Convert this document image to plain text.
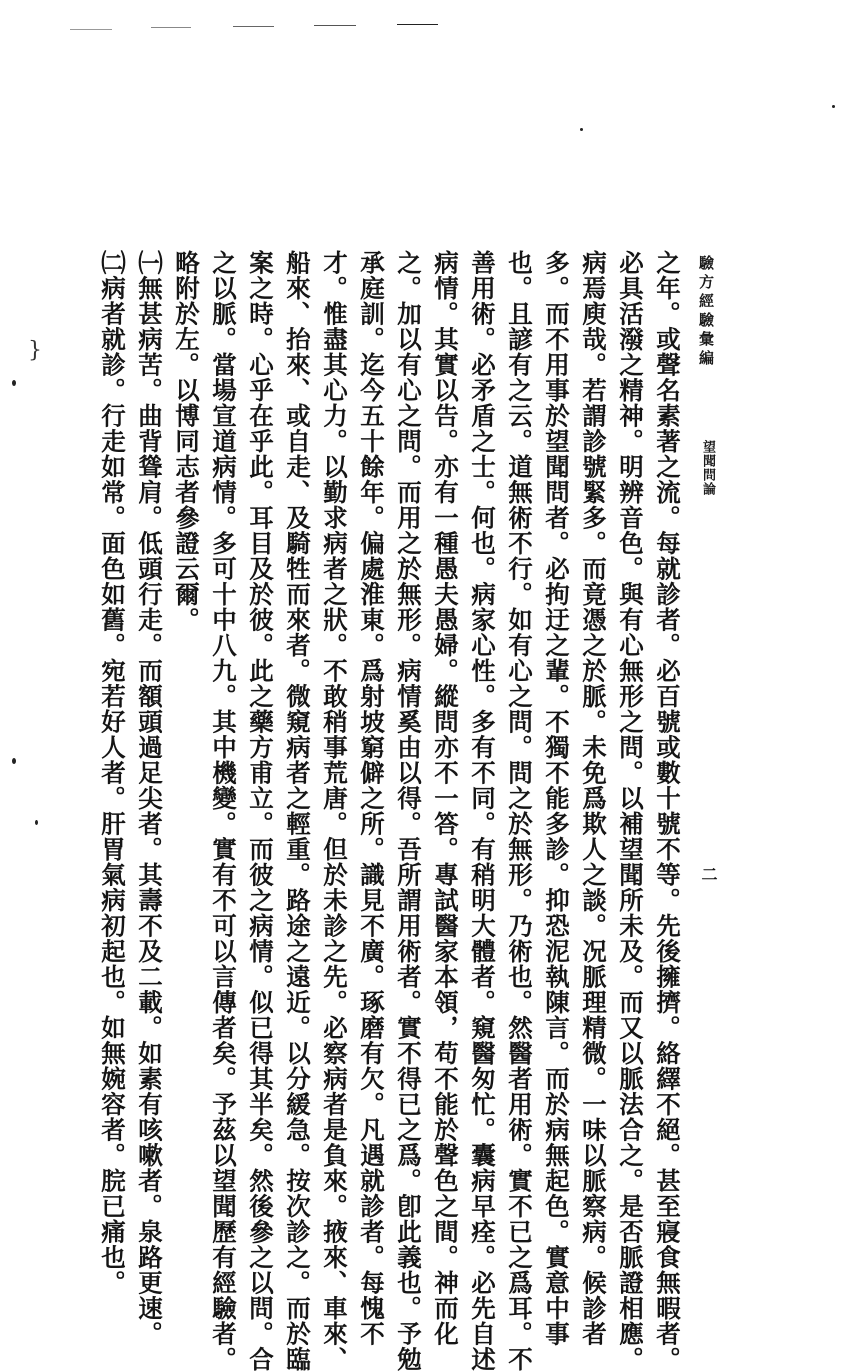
}	驗方經驗彙編
望聞問論
二

之年。或聲名素著之流。每就診者。必百號或數十號不等。先後擁擠。絡繹不絕。甚至寢食無暇者。

必具活潑之精神。明辨音色。與有心無形之問。以補望聞所未及。而又以脈法合之。是否脈證相應。

病焉庾哉。若謂診號緊多。而竟憑之於脈。未免爲欺人之談。况脈理精微。一味以脈察病。候診者

多。而不用事於望聞問者。必拘迂之輩。不獨不能多診。抑恐泥執陳言。而於病無起色。實意中事

也。且諺有之云。道無術不行。如有心之問。問之於無形。乃術也。然醫者用術。實不已之爲耳。不

善用術。必矛盾之士。何也。病家心性。多有不同。有稍明大體者。窺醫匆忙。囊病早痊。必先自述

病情。其實以告。亦有一種愚夫愚婦。縱問亦不一答。專試醫家本領，苟不能於聲色之間。神而化

之。加以有心之問。而用之於無形。病情奚由以得。吾所謂用術者。實不得已之爲。卽此義也。予勉

承庭訓。迄今五十餘年。偏處淮東。爲射坡窮僻之所。識見不廣。琢磨有欠。凡遇就診者。每愧不

才。惟盡其心力。以勤求病者之狀。不敢稍事荒唐。但於未診之先。必察病者是負來。掖來、車來、

船來、抬來、或自走、及騎牲而來者。微窺病者之輕重。路途之遠近。以分緩急。按次診之。而於臨

案之時。心乎在乎此。耳目及於彼。此之藥方甫立。而彼之病情。似已得其半矣。然後參之以問。合

之以脈。當場宣道病情。多可十中八九。其中機變。實有不可以言傳者矣。予茲以望聞歷有經驗者。

略附於左。以博同志者參證云爾。

㈠無甚病苦。曲背聳肩。低頭行走。而額頭過足尖者。其壽不及二載。如素有咳嗽者。泉路更速。

㈡病者就診。行走如常。面色如舊。宛若好人者。肝胃氣病初起也。如無婉容者。脘已痛也。
